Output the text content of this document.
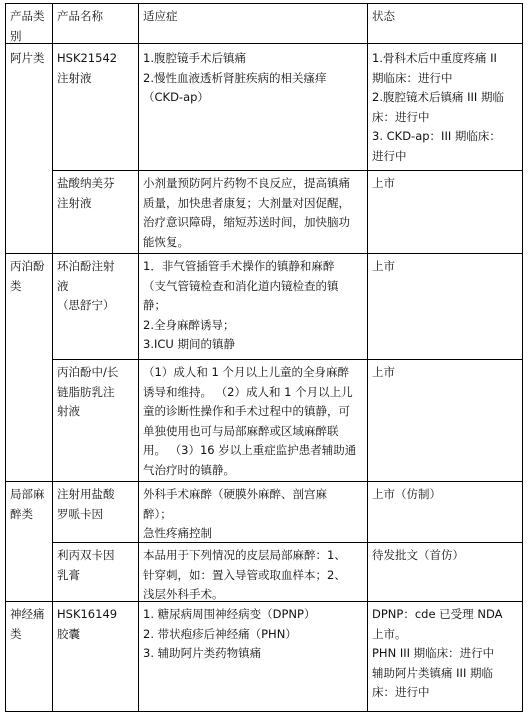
产品类
别
产品名称	适应症	状态
阿片类 HSK21542
注射液
1.腹腔镜手术后镇痛
2.慢性血液透析肾脏疾病的相关瘙痒
（CKD-ap）
1.骨科术后中重度疼痛 II
期临床：进行中
2.腹腔镜术后镇痛 III 期临
床：进行中
3. CKD-ap：III 期临床：
进行中
盐酸纳美芬
注射液
小剂量预防阿片药物不良反应，提高镇痛
质量，加快患者康复；大剂量对因促醒，
治疗意识障碍，缩短苏送时间，加快脑功
能恢复。
上市
丙泊酚
类
环泊酚注射
液
（思舒宁）
1．非气管插管手术操作的镇静和麻醉
（支气管镜检查和消化道内镜检查的镇
静；
2.全身麻醉诱导；
3.ICU 期间的镇静
上市
丙泊酚中/长
链脂肪乳注
射液
（1）成人和 1 个月以上儿童的全身麻醉
诱导和维持。 （2）成人和 1 个月以上儿
童的诊断性操作和手术过程中的镇静，可
单独使用也可与局部麻醉或区域麻醉联
用。 （3）16 岁以上重症监护患者辅助通
气治疗时的镇静。
上市
局部麻
醉类
注射用盐酸
罗哌卡因
外科手术麻醉（硬膜外麻醉、剖宫麻
醉）；
急性疼痛控制
上市（仿制）
利丙双卡因
乳膏
本品用于下列情况的皮层局部麻醉：1、
针穿刺，如：置入导管或取血样本；2、
浅层外科手术。
待发批文（首仿）
神经痛
类
HSK16149
胶囊
1. 糖尿病周围神经病变（DPNP）
2. 带状疱疹后神经痛（PHN）
3. 辅助阿片类药物镇痛
DPNP：cde 已受理 NDA
上市。
PHN III 期临床：进行中
辅助阿片类镇痛 III 期临
床：进行中
